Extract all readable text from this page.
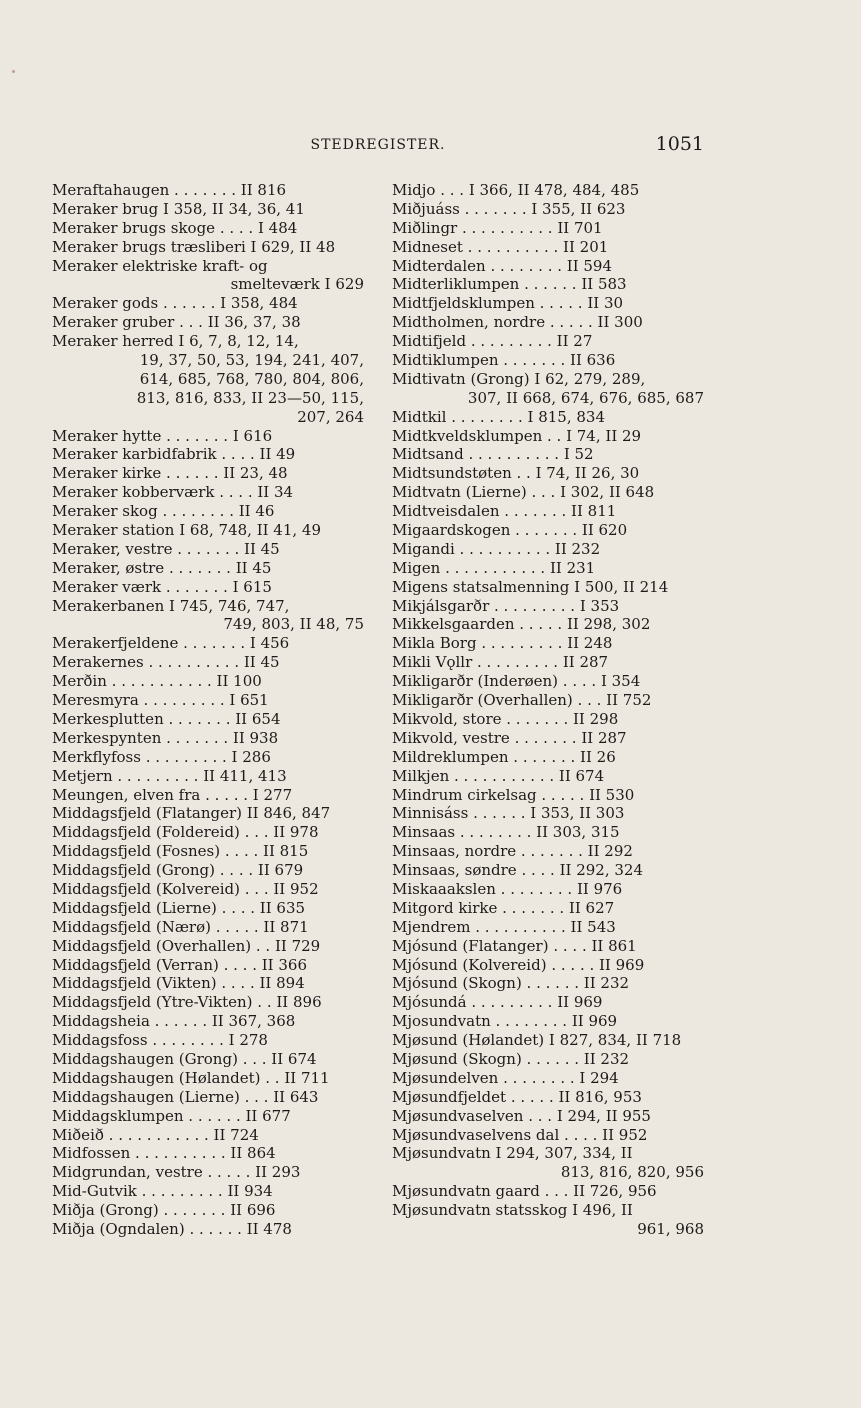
STEDREGISTER.	1051
Meraftahaugen . . . . . . . II 816
Meraker brug I 358, II 34, 36, 41
Meraker brugs skoge . . . . I 484
Meraker brugs træsliberi I 629, II 48
Meraker elektriske kraft- og
smelteværk I 629
Meraker gods . . . . . . I 358, 484
Meraker gruber . . . II 36, 37, 38
Meraker herred I 6, 7, 8, 12, 14,
19, 37, 50, 53, 194, 241, 407,
614, 685, 768, 780, 804, 806,
813, 816, 833, II 23—50, 115,
207, 264
Meraker hytte . . . . . . . I 616
Meraker karbidfabrik . . . . II 49
Meraker kirke . . . . . . II 23, 48
Meraker kobberværk . . . . II 34
Meraker skog . . . . . . . . II 46
Meraker station I 68, 748, II 41, 49
Meraker, vestre . . . . . . . II 45
Meraker, østre . . . . . . . II 45
Meraker værk . . . . . . . I 615
Merakerbanen I 745, 746, 747,
749, 803, II 48, 75
Merakerfjeldene . . . . . . . I 456
Merakernes . . . . . . . . . . II 45
Merðin . . . . . . . . . . . II 100
Meresmyra . . . . . . . . . I 651
Merkesplutten . . . . . . . II 654
Merkespynten . . . . . . . II 938
Merkflyfoss . . . . . . . . . I 286
Metjern . . . . . . . . . II 411, 413
Meungen, elven fra . . . . . I 277
Middagsfjeld (Flatanger) II 846, 847
Middagsfjeld (Foldereid) . . . II 978
Middagsfjeld (Fosnes) . . . . II 815
Middagsfjeld (Grong) . . . . II 679
Middagsfjeld (Kolvereid) . . . II 952
Middagsfjeld (Lierne) . . . . II 635
Middagsfjeld (Nærø) . . . . . II 871
Middagsfjeld (Overhallen) . . II 729
Middagsfjeld (Verran) . . . . II 366
Middagsfjeld (Vikten) . . . . II 894
Middagsfjeld (Ytre-Vikten) . . II 896
Middagsheia . . . . . . II 367, 368
Middagsfoss . . . . . . . . I 278
Middagshaugen (Grong) . . . II 674
Middagshaugen (Hølandet) . . II 711
Middagshaugen (Lierne) . . . II 643
Middagsklumpen . . . . . . II 677
Miðeið . . . . . . . . . . . II 724
Midfossen . . . . . . . . . . II 864
Midgrundan, vestre . . . . . II 293
Mid-Gutvik . . . . . . . . . II 934
Miðja (Grong) . . . . . . . II 696
Miðja (Ogndalen) . . . . . . II 478
Midjo . . . I 366, II 478, 484, 485
Miðjuáss . . . . . . . I 355, II 623
Miðlingr . . . . . . . . . . II 701
Midneset . . . . . . . . . . II 201
Midterdalen . . . . . . . . II 594
Midterliklumpen . . . . . . II 583
Midtfjeldsklumpen . . . . . II 30
Midtholmen, nordre . . . . . II 300
Midtifjeld . . . . . . . . . II 27
Midtiklumpen . . . . . . . II 636
Midtivatn (Grong) I 62, 279, 289,
307, II 668, 674, 676, 685, 687
Midtkil . . . . . . . . I 815, 834
Midtkveldsklumpen . . I 74, II 29
Midtsand . . . . . . . . . . I 52
Midtsundstøten . . I 74, II 26, 30
Midtvatn (Lierne) . . . I 302, II 648
Midtveisdalen . . . . . . . II 811
Migaardskogen . . . . . . . II 620
Migandi . . . . . . . . . . II 232
Migen . . . . . . . . . . . II 231
Migens statsalmenning I 500, II 214
Mikjálsgarðr . . . . . . . . . I 353
Mikkelsgaarden . . . . . II 298, 302
Mikla Borg . . . . . . . . . II 248
Mikli Vǫllr . . . . . . . . . II 287
Mikligarðr (Inderøen) . . . . I 354
Mikligarðr (Overhallen) . . . II 752
Mikvold, store . . . . . . . II 298
Mikvold, vestre . . . . . . . II 287
Mildreklumpen . . . . . . . II 26
Milkjen . . . . . . . . . . . II 674
Mindrum cirkelsag . . . . . II 530
Minnisáss . . . . . . I 353, II 303
Minsaas . . . . . . . . II 303, 315
Minsaas, nordre . . . . . . . II 292
Minsaas, søndre . . . . II 292, 324
Miskaaakslen . . . . . . . . II 976
Mitgord kirke . . . . . . . II 627
Mjendrem . . . . . . . . . . II 543
Mjósund (Flatanger) . . . . II 861
Mjósund (Kolvereid) . . . . . II 969
Mjósund (Skogn) . . . . . . II 232
Mjósundá . . . . . . . . . II 969
Mjosundvatn . . . . . . . . II 969
Mjøsund (Hølandet) I 827, 834, II 718
Mjøsund (Skogn) . . . . . . II 232
Mjøsundelven . . . . . . . . I 294
Mjøsundfjeldet . . . . . II 816, 953
Mjøsundvaselven . . . I 294, II 955
Mjøsundvaselvens dal . . . . II 952
Mjøsundvatn I 294, 307, 334, II
813, 816, 820, 956
Mjøsundvatn gaard . . . II 726, 956
Mjøsundvatn statsskog I 496, II
961, 968
